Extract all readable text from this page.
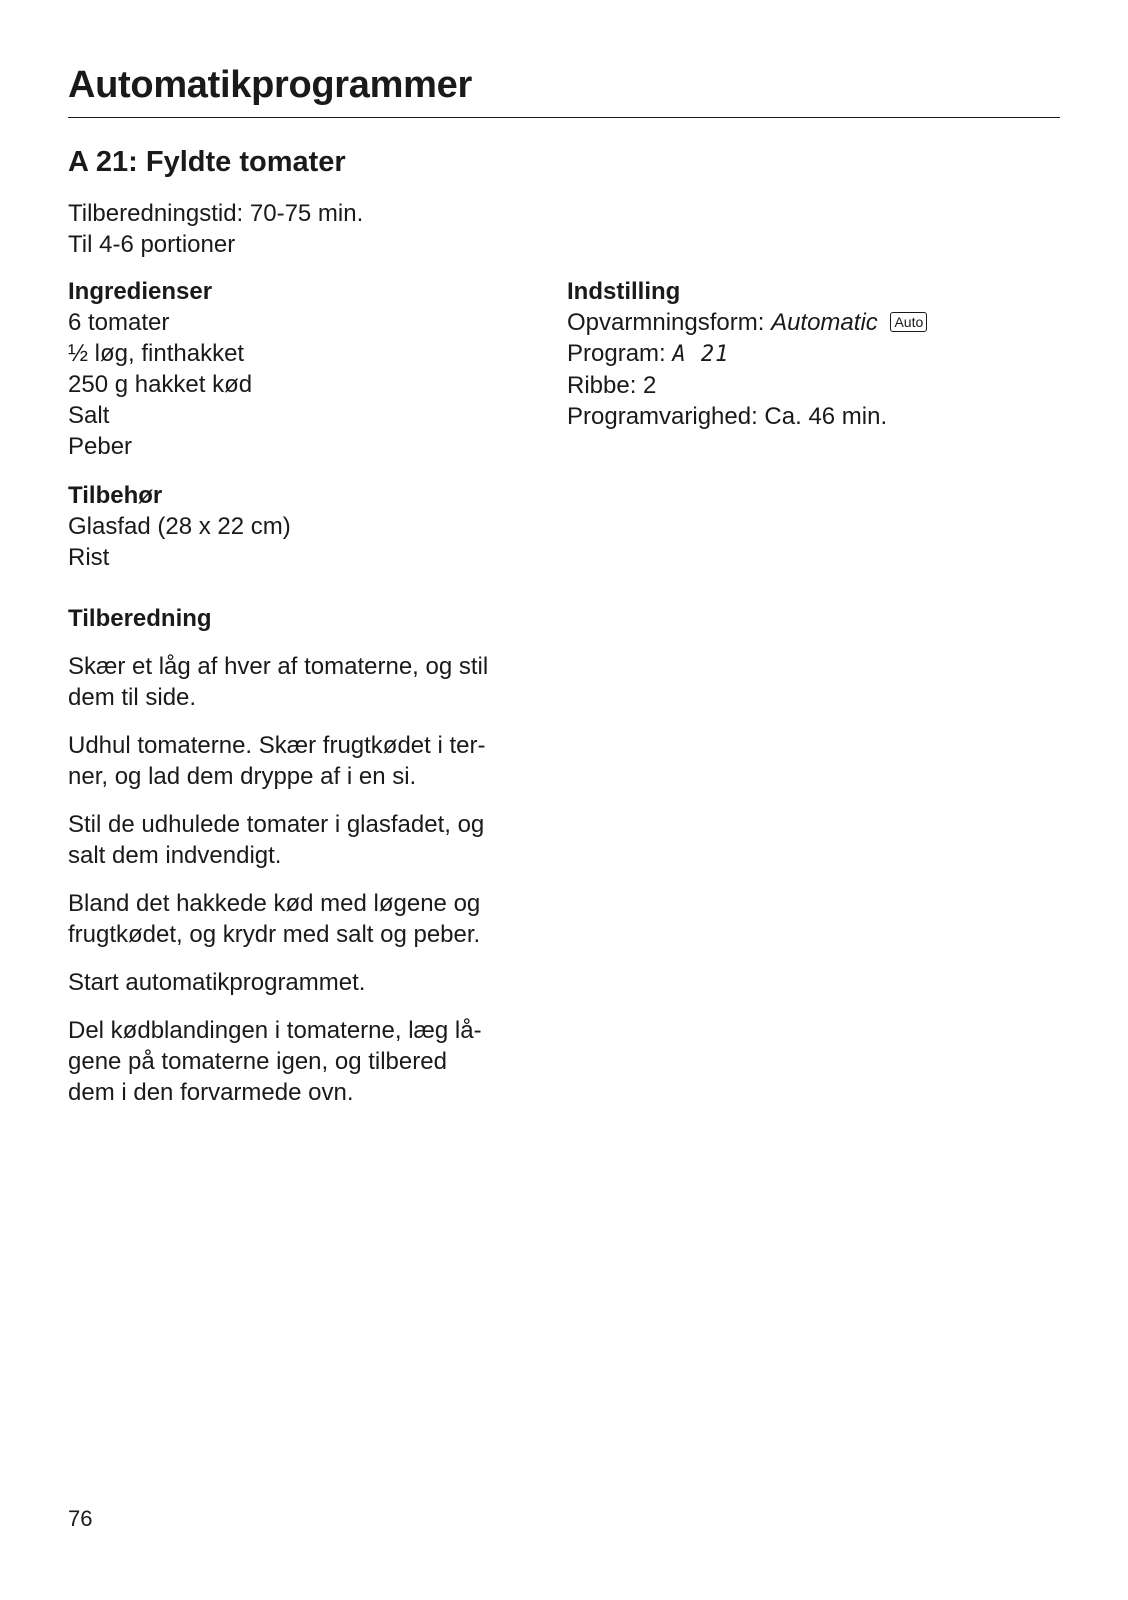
Automatikprogrammer
A 21: Fyldte tomater
Tilberedningstid: 70-75 min.
Til 4-6 portioner
Ingredienser
6 tomater
½ løg, finthakket
250 g hakket kød
Salt
Peber
Tilbehør
Glasfad (28 x 22 cm)
Rist
Tilberedning

Skær et låg af hver af tomaterne, og stil
dem til side.

Udhul tomaterne. Skær frugtkødet i ter-
ner, og lad dem dryppe af i en si.

Stil de udhulede tomater i glasfadet, og
salt dem indvendigt.

Bland det hakkede kød med løgene og
frugtkødet, og krydr med salt og peber.

Start automatikprogrammet.

Del kødblandingen i tomaterne, læg lå-
gene på tomaterne igen, og tilbered
dem i den forvarmede ovn.

Indstilling
Opvarmningsform: Automatic Auto
Program: A 21
Ribbe: 2
Programvarighed: Ca. 46 min.
76
